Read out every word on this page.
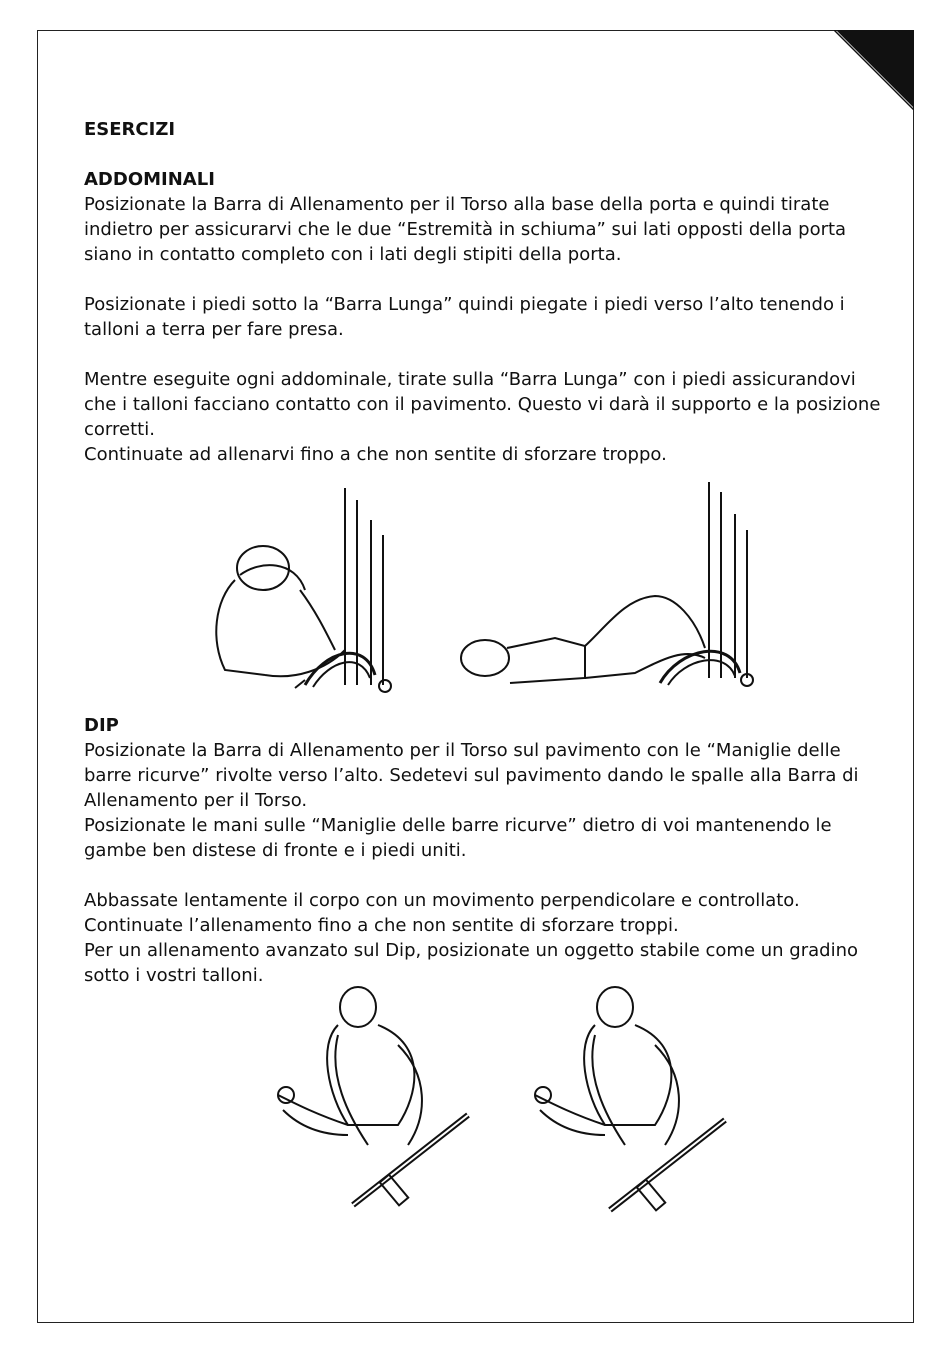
ESERCIZI

ADDOMINALI

Posizionate la Barra di Allenamento per il Torso alla base della porta e quindi tirate indietro per assicurarvi che le due “Estremità in schiuma” sui lati opposti della porta siano in contatto completo con i lati degli stipiti della porta.

Posizionate i piedi sotto la “Barra Lunga” quindi piegate i piedi verso l’alto tenendo i talloni a terra per fare presa.

Mentre eseguite ogni addominale, tirate sulla “Barra Lunga” con i piedi assicurandovi che i talloni facciano contatto con il pavimento. Questo vi darà il supporto e la posizione corretti.

Continuate ad allenarvi fino a che non sentite di sforzare troppo.

DIP

Posizionate la Barra di Allenamento per il Torso sul pavimento con le “Maniglie delle barre ricurve” rivolte verso l’alto. Sedetevi sul pavimento dando le spalle alla Barra di Allenamento per il Torso.

Posizionate le mani sulle “Maniglie delle barre ricurve” dietro di voi mantenendo le gambe ben distese di fronte e i piedi uniti.

Abbassate lentamente il corpo con un movimento perpendicolare e controllato.

Continuate l’allenamento fino a che non sentite di sforzare troppi.

Per un allenamento avanzato sul Dip, posizionate un oggetto stabile come un gradino sotto i vostri talloni.
